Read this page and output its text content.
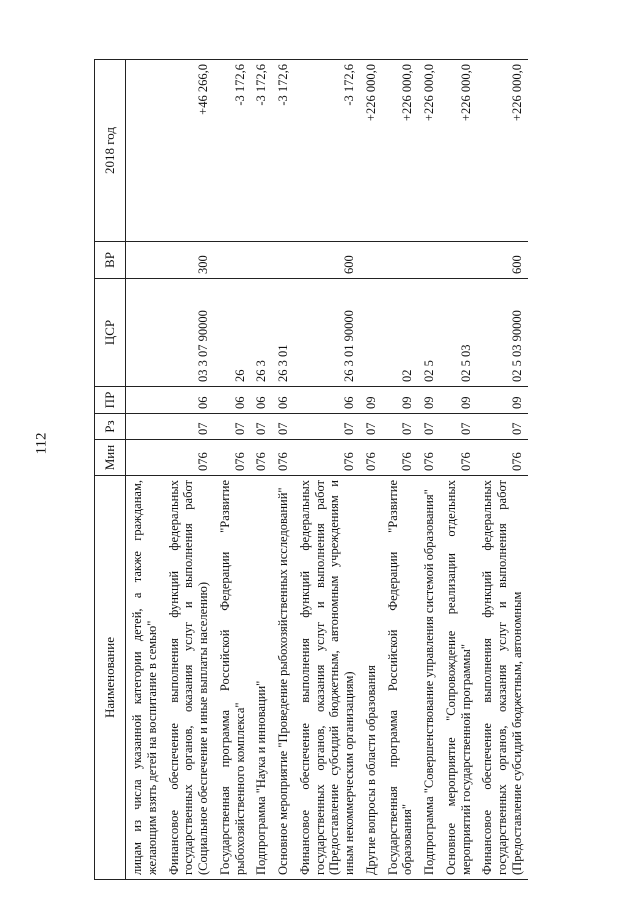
112
Наименование	Мин	Рз	ПР	ЦСР	ВР	2018 год
лицам из числа указанной категории детей, а также гражданам, желающим взять детей на воспитание в семью"						
Финансовое обеспечение выполнения функций федеральных государственных органов, оказания услуг и выполнения работ (Социальное обеспечение и иные выплаты населению)	076	07	06	03 3 07 90000	300	+46 266,0
Государственная программа Российской Федерации "Развитие рыбохозяйственного комплекса"	076	07	06	26		-3 172,6
Подпрограмма "Наука и инновации"	076	07	06	26 3		-3 172,6
Основное мероприятие "Проведение рыбохозяйственных исследований"	076	07	06	26 3 01		-3 172,6
Финансовое обеспечение выполнения функций федеральных государственных органов, оказания услуг и выполнения работ (Предоставление субсидий бюджетным, автономным учреждениям и иным некоммерческим организациям)	076	07	06	26 3 01 90000	600	-3 172,6
Другие вопросы в области образования	076	07	09			+226 000,0
Государственная программа Российской Федерации "Развитие образования"	076	07	09	02		+226 000,0
Подпрограмма "Совершенствование управления системой образования"	076	07	09	02 5		+226 000,0
Основное мероприятие "Сопровождение реализации отдельных мероприятий государственной программы"	076	07	09	02 5 03		+226 000,0
Финансовое обеспечение выполнения функций федеральных государственных органов, оказания услуг и выполнения работ (Предоставление субсидий бюджетным, автономным	076	07	09	02 5 03 90000	600	+226 000,0
